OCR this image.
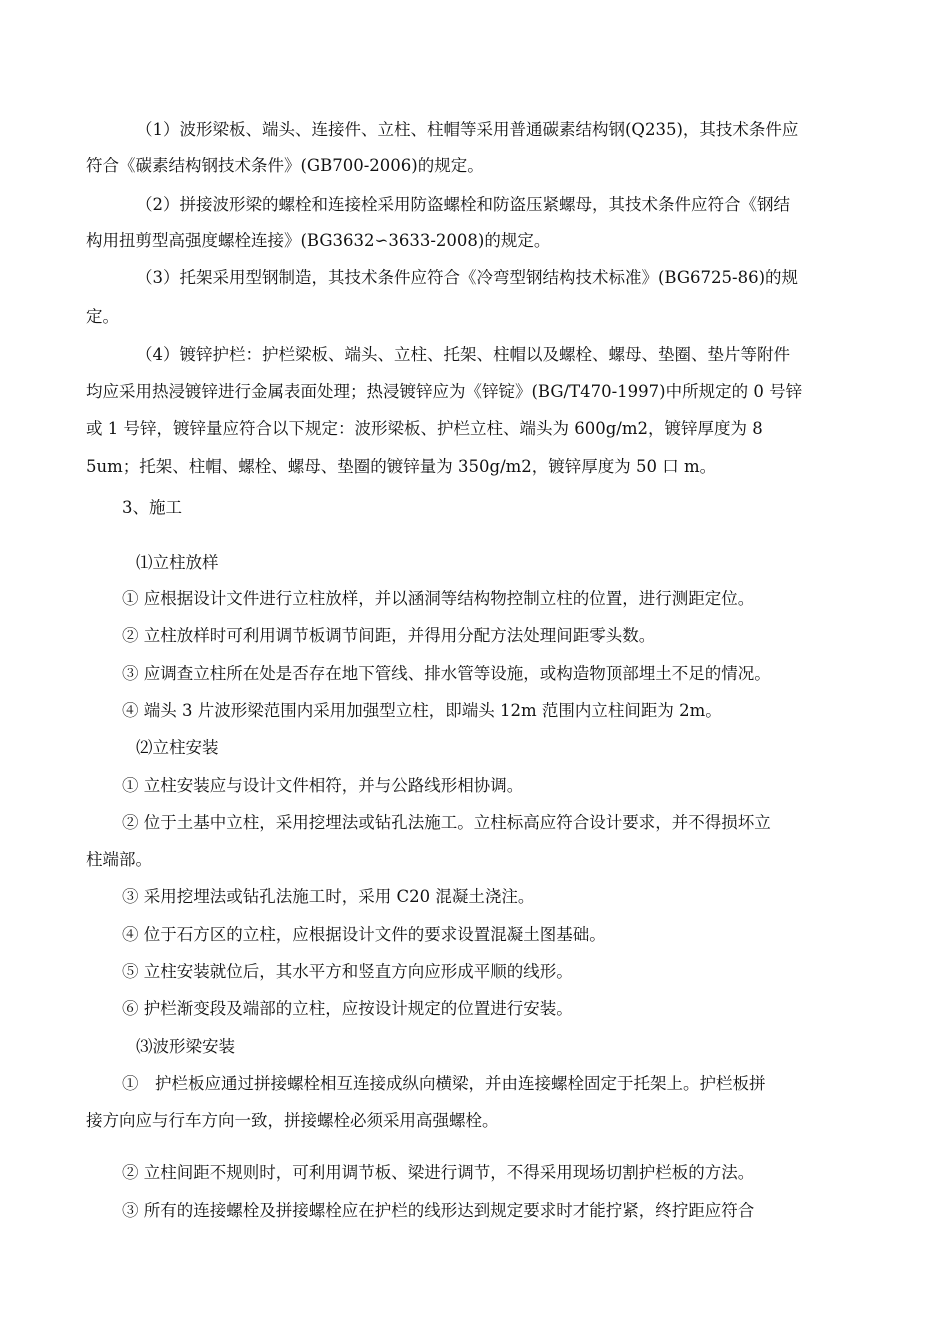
（1）波形梁板、端头、连接件、立柱、柱帽等采用普通碳素结构钢(Q235)，其技术条件应
符合《碳素结构钢技术条件》(GB700-2006)的规定。
（2）拼接波形梁的螺栓和连接栓采用防盗螺栓和防盗压紧螺母，其技术条件应符合《钢结
构用扭剪型高强度螺栓连接》(BG3632∽3633-2008)的规定。
（3）托架采用型钢制造，其技术条件应符合《冷弯型钢结构技术标准》(BG6725-86)的规
定。
（4）镀锌护栏：护栏梁板、端头、立柱、托架、柱帽以及螺栓、螺母、垫圈、垫片等附件
均应采用热浸镀锌进行金属表面处理；热浸镀锌应为《锌锭》(BG/T470-1997)中所规定的 0 号锌
或 1 号锌，镀锌量应符合以下规定：波形梁板、护栏立柱、端头为 600g/m2，镀锌厚度为 8
5um；托架、柱帽、螺栓、螺母、垫圈的镀锌量为 350g/m2，镀锌厚度为 50 口 m。
3、施工
⑴立柱放样
① 应根据设计文件进行立柱放样，并以涵洞等结构物控制立柱的位置，进行测距定位。
② 立柱放样时可利用调节板调节间距，并得用分配方法处理间距零头数。
③ 应调查立柱所在处是否存在地下管线、排水管等设施，或构造物顶部埋土不足的情况。
④ 端头 3 片波形梁范围内采用加强型立柱，即端头 12m 范围内立柱间距为 2m。
⑵立柱安装
① 立柱安装应与设计文件相符，并与公路线形相协调。
② 位于土基中立柱，采用挖埋法或钻孔法施工。立柱标高应符合设计要求，并不得损坏立
柱端部。
③ 采用挖埋法或钻孔法施工时，采用 C20 混凝土浇注。
④ 位于石方区的立柱，应根据设计文件的要求设置混凝土图基础。
⑤ 立柱安装就位后，其水平方和竖直方向应形成平顺的线形。
⑥ 护栏渐变段及端部的立柱，应按设计规定的位置进行安装。
⑶波形梁安装
①　护栏板应通过拼接螺栓相互连接成纵向横梁，并由连接螺栓固定于托架上。护栏板拼
接方向应与行车方向一致，拼接螺栓必须采用高强螺栓。
② 立柱间距不规则时，可利用调节板、梁进行调节，不得采用现场切割护栏板的方法。
③ 所有的连接螺栓及拼接螺栓应在护栏的线形达到规定要求时才能拧紧，终拧距应符合
